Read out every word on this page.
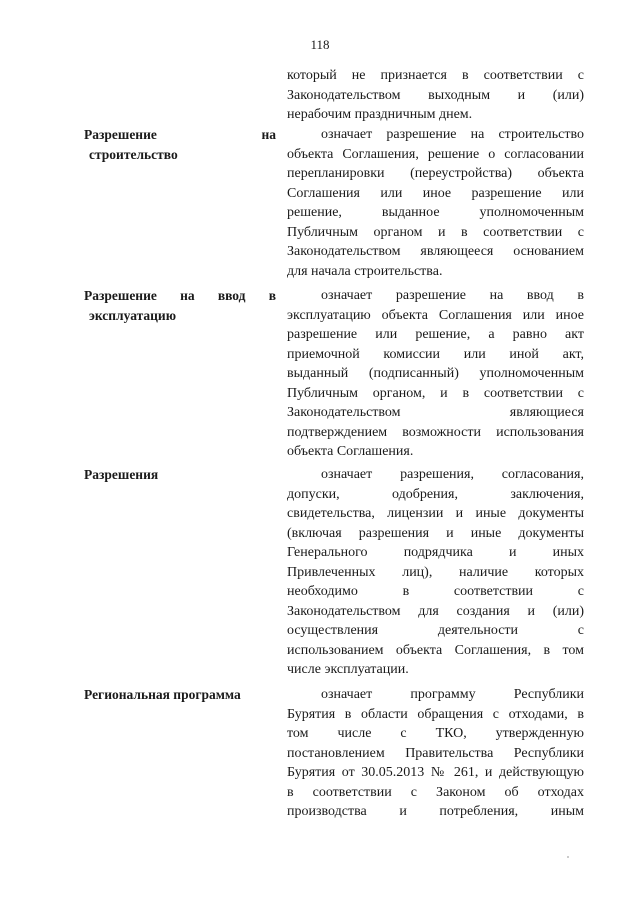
118
который не признается в соответствии с
Законодательством выходным и (или)
нерабочим праздничным днем.
Разрешение на
строительство
означает разрешение на строительство
объекта Соглашения, решение о согласовании
перепланировки (переустройства) объекта
Соглашения или иное разрешение или
решение, выданное уполномоченным
Публичным органом и в соответствии с
Законодательством являющееся основанием
для начала строительства.
Разрешение на ввод в
эксплуатацию
означает разрешение на ввод в
эксплуатацию объекта Соглашения или иное
разрешение или решение, а равно акт
приемочной комиссии или иной акт,
выданный (подписанный) уполномоченным
Публичным органом, и в соответствии с
Законодательством являющиеся
подтверждением возможности использования
объекта Соглашения.
Разрешения	означает разрешения, согласования,
допуски, одобрения, заключения,
свидетельства, лицензии и иные документы
(включая разрешения и иные документы
Генерального подрядчика и иных
Привлеченных лиц), наличие которых
необходимо в соответствии с
Законодательством для создания и (или)
осуществления деятельности с
использованием объекта Соглашения, в том
числе эксплуатации.
Региональная программа	означает программу Республики
Бурятия в области обращения с отходами, в
том числе с ТКО, утвержденную
постановлением Правительства Республики
Бурятия от 30.05.2013 № 261, и действующую
в соответствии с Законом об отходах
производства и потребления, иным
